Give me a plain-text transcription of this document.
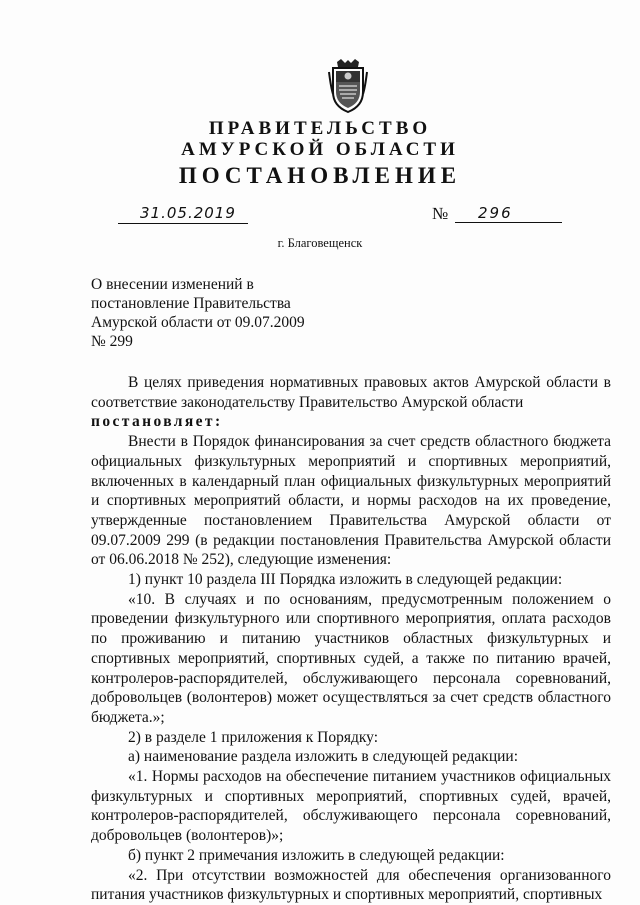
ПРАВИТЕЛЬСТВО
АМУРСКОЙ ОБЛАСТИ
ПОСТАНОВЛЕНИЕ
31.05.2019	№ 296
г. Благовещенск
О внесении изменений в
постановление Правительства
Амурской области от 09.07.2009
№ 299

В целях приведения нормативных правовых актов Амурской области в соответствие законодательству Правительство Амурской области

постановляет:

Внести в Порядок финансирования за счет средств областного бюджета официальных физкультурных мероприятий и спортивных мероприятий, включенных в календарный план официальных физкультурных мероприятий и спортивных мероприятий области, и нормы расходов на их проведение, утвержденные постановлением Правительства Амурской области от 09.07.2009 299 (в редакции постановления Правительства Амурской области от 06.06.2018 № 252), следующие изменения:

1) пункт 10 раздела III Порядка изложить в следующей редакции:

«10. В случаях и по основаниям, предусмотренным положением о проведении физкультурного или спортивного мероприятия, оплата расходов по проживанию и питанию участников областных физкультурных и спортивных мероприятий, спортивных судей, а также по питанию врачей, контролеров-распорядителей, обслуживающего персонала соревнований, добровольцев (волонтеров) может осуществляться за счет средств областного бюджета.»;

2) в разделе 1 приложения к Порядку:

а) наименование раздела изложить в следующей редакции:

«1. Нормы расходов на обеспечение питанием участников официальных физкультурных и спортивных мероприятий, спортивных судей, врачей, контролеров-распорядителей, обслуживающего персонала соревнований, добровольцев (волонтеров)»;

б) пункт 2 примечания изложить в следующей редакции:

«2. При отсутствии возможностей для обеспечения организованного питания участников физкультурных и спортивных мероприятий, спортивных
